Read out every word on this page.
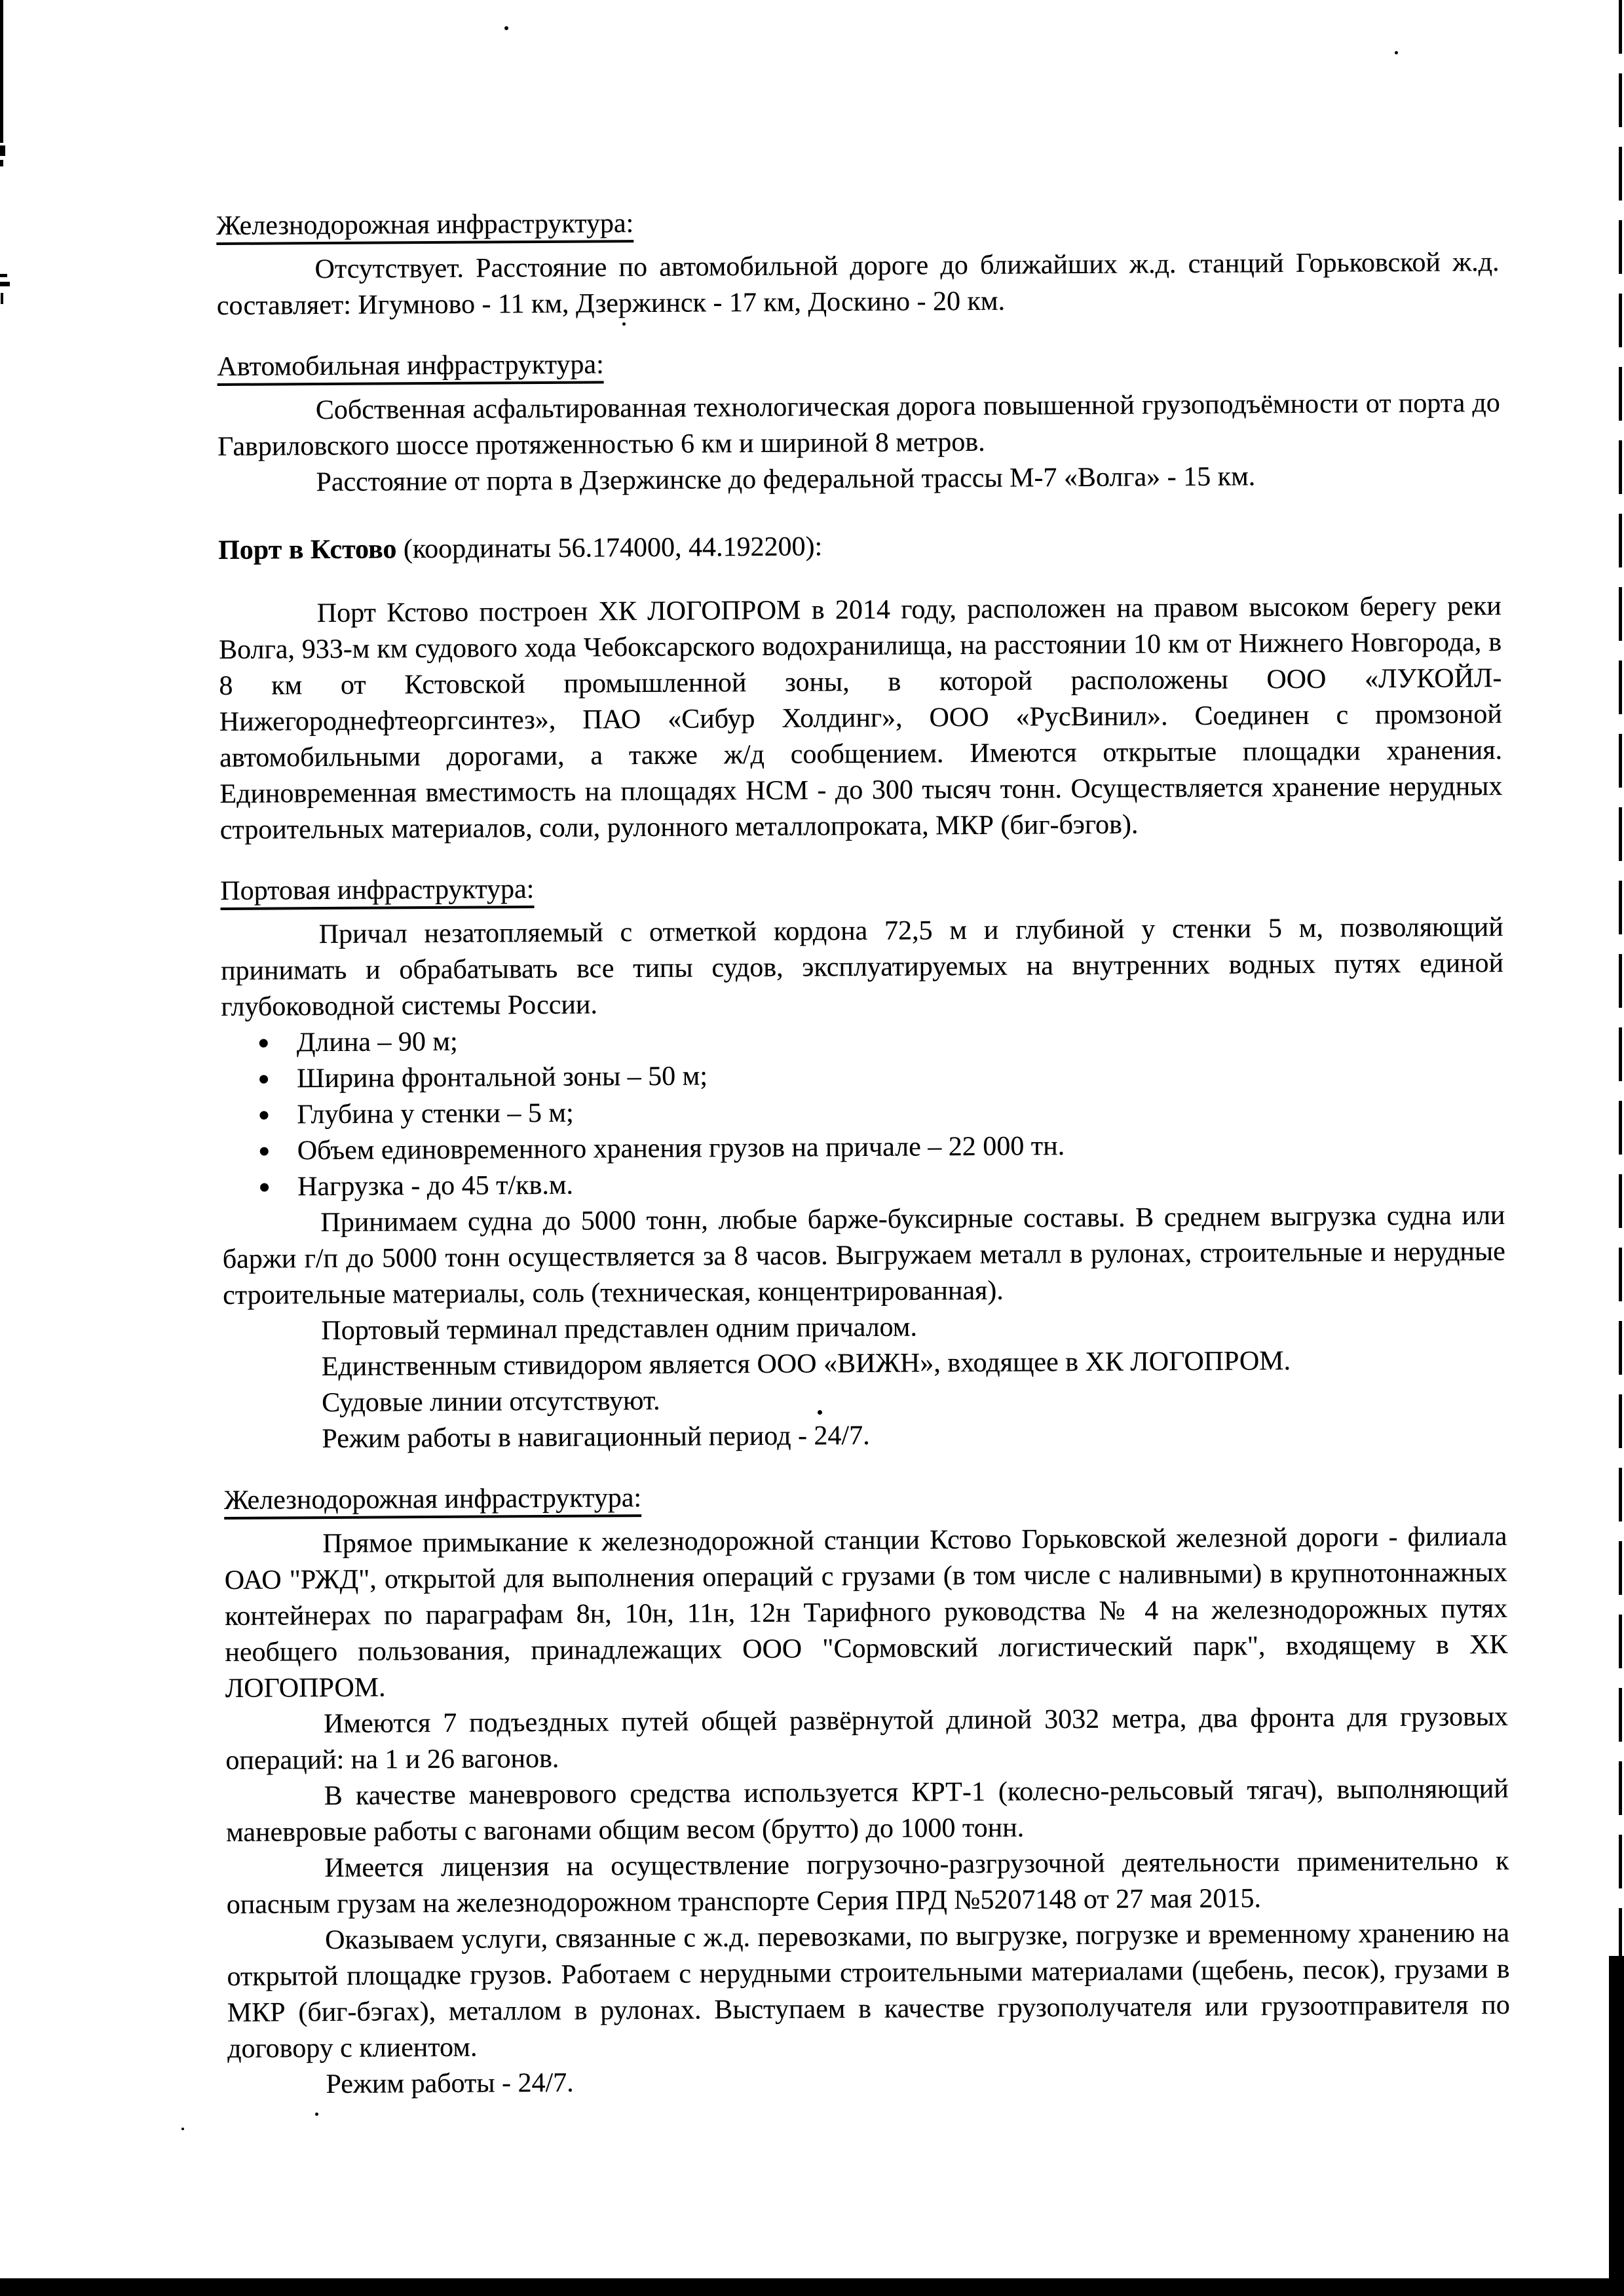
Железнодорожная инфраструктура:

Отсутствует. Расстояние по автомобильной дороге до ближайших ж.д. станций Горьковской ж.д. составляет: Игумново - 11 км, Дзержинск - 17 км, Доскино - 20 км.

Автомобильная инфраструктура:

Собственная асфальтированная технологическая дорога повышенной грузоподъёмности от порта до Гавриловского шоссе протяженностью 6 км и шириной 8 метров.

Расстояние от порта в Дзержинске до федеральной трассы М-7 «Волга» - 15 км.

Порт в Кстово (координаты 56.174000, 44.192200):

Порт Кстово построен ХК ЛОГОПРОМ в 2014 году, расположен на правом высоком берегу реки Волга, 933-м км судового хода Чебоксарского водохранилища, на расстоянии 10 км от Нижнего Новгорода, в 8 км от Кстовской промышленной зоны, в которой расположены ООО «ЛУКОЙЛ-Нижегороднефтеоргсинтез», ПАО «Сибур Холдинг», ООО «РусВинил». Соединен с промзоной автомобильными дорогами, а также ж/д сообщением. Имеются открытые площадки хранения. Единовременная вместимость на площадях НСМ - до 300 тысяч тонн. Осуществляется хранение нерудных строительных материалов, соли, рулонного металлопроката, МКР (биг-бэгов).

Портовая инфраструктура:

Причал незатопляемый с отметкой кордона 72,5 м и глубиной у стенки 5 м, позволяющий принимать и обрабатывать все типы судов, эксплуатируемых на внутренних водных путях единой глубоководной системы России.

Длина – 90 м;
Ширина фронтальной зоны – 50 м;
Глубина у стенки – 5 м;
Объем единовременного хранения грузов на причале – 22 000 тн.
Нагрузка - до 45 т/кв.м.

Принимаем судна до 5000 тонн, любые барже-буксирные составы. В среднем выгрузка судна или баржи г/п до 5000 тонн осуществляется за 8 часов. Выгружаем металл в рулонах, строительные и нерудные строительные материалы, соль (техническая, концентрированная).

Портовый терминал представлен одним причалом.

Единственным стивидором является ООО «ВИЖН», входящее в ХК ЛОГОПРОМ.

Судовые линии отсутствуют.

Режим работы в навигационный период - 24/7.

Железнодорожная инфраструктура:

Прямое примыкание к железнодорожной станции Кстово Горьковской железной дороги - филиала ОАО "РЖД", открытой для выполнения операций с грузами (в том числе с наливными) в крупнотоннажных контейнерах по параграфам 8н, 10н, 11н, 12н Тарифного руководства № 4 на железнодорожных путях необщего пользования, принадлежащих ООО "Сормовский логистический парк", входящему в ХК ЛОГОПРОМ.

Имеются 7 подъездных путей общей развёрнутой длиной 3032 метра, два фронта для грузовых операций: на 1 и 26 вагонов.

В качестве маневрового средства используется КРТ-1 (колесно-рельсовый тягач), выполняющий маневровые работы с вагонами общим весом (брутто) до 1000 тонн.

Имеется лицензия на осуществление погрузочно-разгрузочной деятельности применительно к опасным грузам на железнодорожном транспорте Серия ПРД №5207148 от 27 мая 2015.

Оказываем услуги, связанные с ж.д. перевозками, по выгрузке, погрузке и временному хранению на открытой площадке грузов. Работаем с нерудными строительными материалами (щебень, песок), грузами в МКР (биг-бэгах), металлом в рулонах. Выступаем в качестве грузополучателя или грузоотправителя по договору с клиентом.

Режим работы - 24/7.
